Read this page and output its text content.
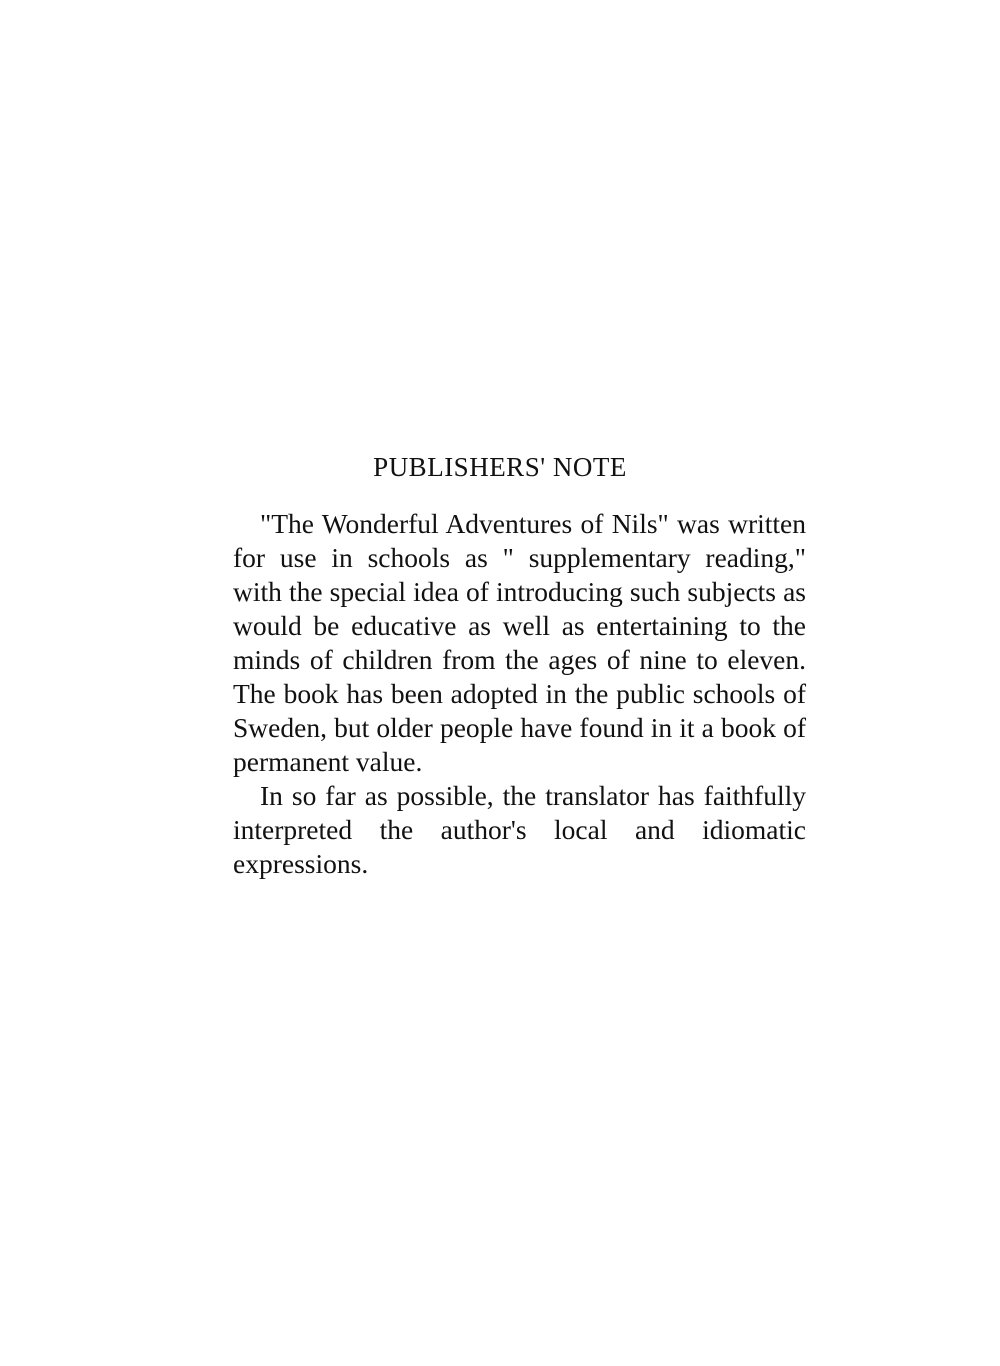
PUBLISHERS' NOTE

"The Wonderful Adventures of Nils" was written for use in schools as " supplementary reading," with the special idea of introducing such subjects as would be educative as well as entertaining to the minds of children from the ages of nine to eleven. The book has been adopted in the public schools of Sweden, but older people have found in it a book of permanent value.

In so far as possible, the translator has faithfully interpreted the author's local and idiomatic expressions.
